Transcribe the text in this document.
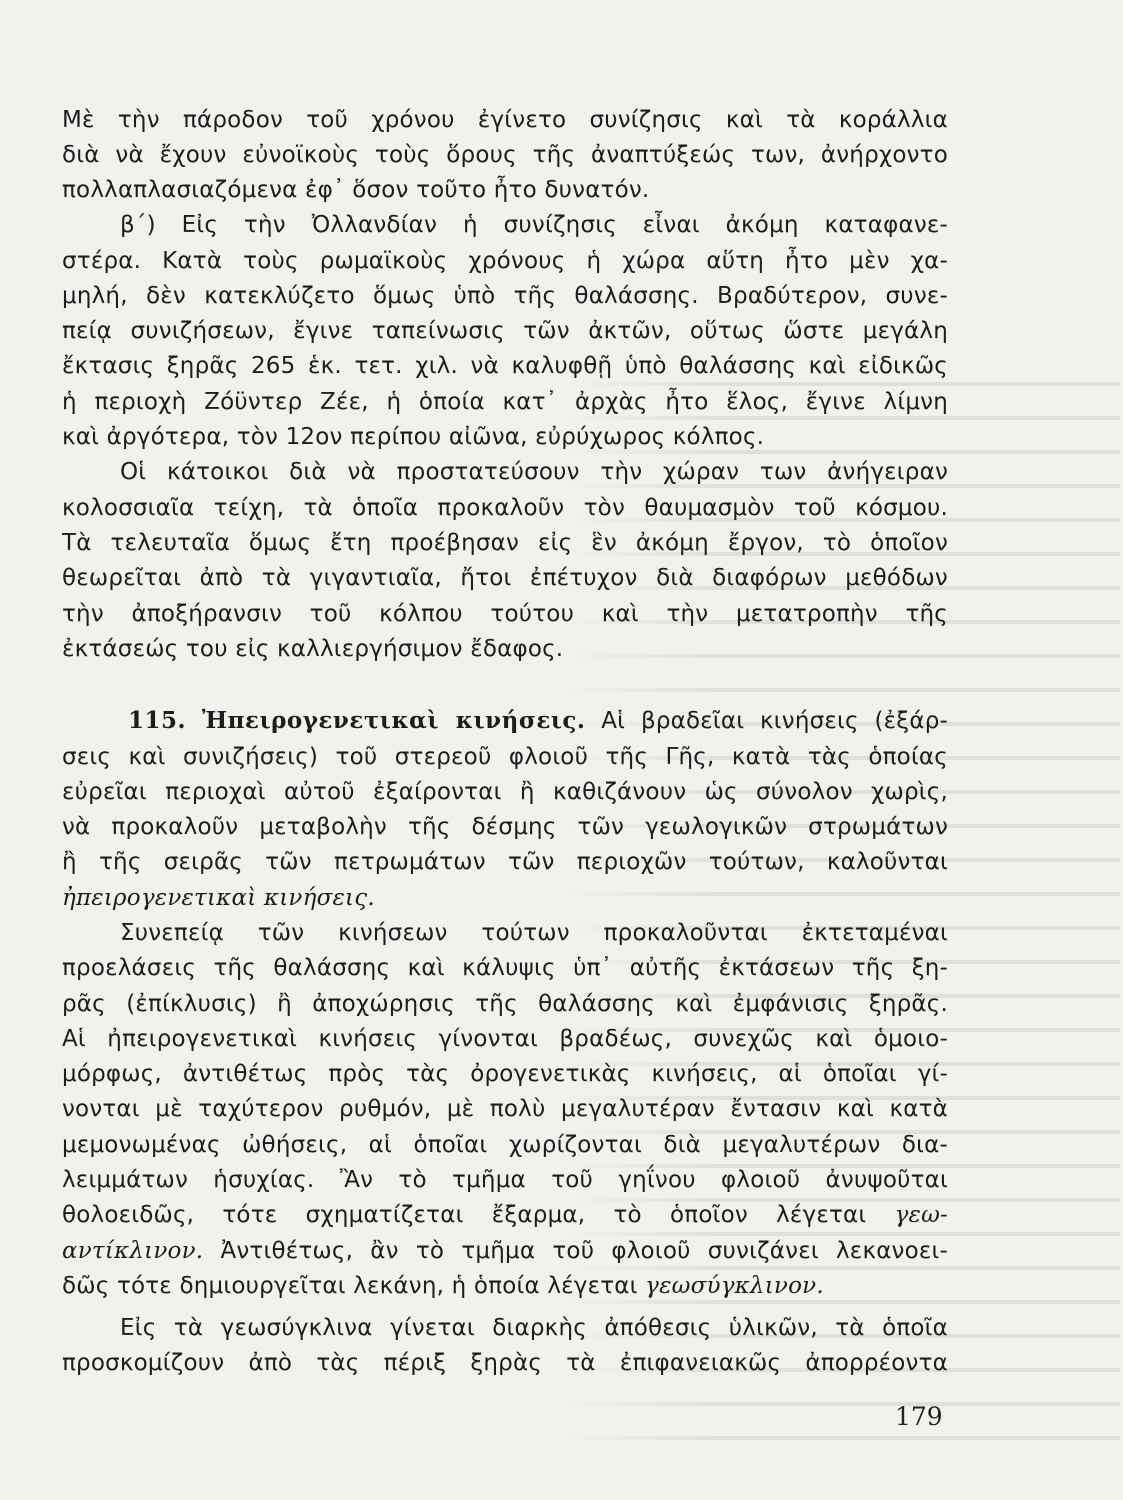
Μὲ τὴν πάροδον τοῦ χρόνου ἐγίνετο συνίζησις καὶ τὰ κοράλλια
διὰ νὰ ἔχουν εὐνοϊκοὺς τοὺς ὅρους τῆς ἀναπτύξεώς των, ἀνήρχοντο
πολλαπλασιαζόμενα ἐφ᾽ ὅσον τοῦτο ἦτο δυνατόν.
β΄) Εἰς τὴν Ὀλλανδίαν ἡ συνίζησις εἶναι ἀκόμη καταφανε-
στέρα. Κατὰ τοὺς ρωμαϊκοὺς χρόνους ἡ χώρα αὕτη ἦτο μὲν χα-
μηλή, δὲν κατεκλύζετο ὅμως ὑπὸ τῆς θαλάσσης. Βραδύτερον, συνε-
πείᾳ συνιζήσεων, ἔγινε ταπείνωσις τῶν ἀκτῶν, οὕτως ὥστε μεγάλη
ἔκτασις ξηρᾶς 265 ἑκ. τετ. χιλ. νὰ καλυφθῇ ὑπὸ θαλάσσης καὶ εἰδικῶς
ἡ περιοχὴ Ζόϋντερ Ζέε, ἡ ὁποία κατ᾽ ἀρχὰς ἦτο ἕλος, ἔγινε λίμνη
καὶ ἀργότερα, τὸν 12ον περίπου αἰῶνα, εὐρύχωρος κόλπος.
Οἱ κάτοικοι διὰ νὰ προστατεύσουν τὴν χώραν των ἀνήγειραν
κολοσσιαῖα τείχη, τὰ ὁποῖα προκαλοῦν τὸν θαυμασμὸν τοῦ κόσμου.
Τὰ τελευταῖα ὅμως ἔτη προέβησαν εἰς ἓν ἀκόμη ἔργον, τὸ ὁποῖον
θεωρεῖται ἀπὸ τὰ γιγαντιαῖα, ἤτοι ἐπέτυχον διὰ διαφόρων μεθόδων
τὴν ἀποξήρανσιν τοῦ κόλπου τούτου καὶ τὴν μετατροπὴν τῆς
ἐκτάσεώς του εἰς καλλιεργήσιμον ἔδαφος.
115. Ἠπειρογενετικαὶ κινήσεις. Αἱ βραδεῖαι κινήσεις (ἐξάρ-
σεις καὶ συνιζήσεις) τοῦ στερεοῦ φλοιοῦ τῆς Γῆς, κατὰ τὰς ὁποίας
εὐρεῖαι περιοχαὶ αὐτοῦ ἐξαίρονται ἢ καθιζάνουν ὡς σύνολον χωρὶς,
νὰ προκαλοῦν μεταβολὴν τῆς δέσμης τῶν γεωλογικῶν στρωμάτων
ἢ τῆς σειρᾶς τῶν πετρωμάτων τῶν περιοχῶν τούτων, καλοῦνται
ἠπειρογενετικαὶ κινήσεις.
Συνεπείᾳ τῶν κινήσεων τούτων προκαλοῦνται ἐκτεταμέναι
προελάσεις τῆς θαλάσσης καὶ κάλυψις ὑπ᾽ αὐτῆς ἐκτάσεων τῆς ξη-
ρᾶς (ἐπίκλυσις) ἢ ἀποχώρησις τῆς θαλάσσης καὶ ἐμφάνισις ξηρᾶς.
Αἱ ἠπειρογενετικαὶ κινήσεις γίνονται βραδέως, συνεχῶς καὶ ὁμοιο-
μόρφως, ἀντιθέτως πρὸς τὰς ὀρογενετικὰς κινήσεις, αἱ ὁποῖαι γί-
νονται μὲ ταχύτερον ρυθμόν, μὲ πολὺ μεγαλυτέραν ἔντασιν καὶ κατὰ
μεμονωμένας ὠθήσεις, αἱ ὁποῖαι χωρίζονται διὰ μεγαλυτέρων δια-
λειμμάτων ἡσυχίας. Ἂν τὸ τμῆμα τοῦ γηΐνου φλοιοῦ ἀνυψοῦται
θολοειδῶς, τότε σχηματίζεται ἔξαρμα, τὸ ὁποῖον λέγεται γεω-
αντίκλινον. Ἀντιθέτως, ἂν τὸ τμῆμα τοῦ φλοιοῦ συνιζάνει λεκανοει-
δῶς τότε δημιουργεῖται λεκάνη, ἡ ὁποία λέγεται γεωσύγκλινον.
Εἰς τὰ γεωσύγκλινα γίνεται διαρκὴς ἀπόθεσις ὑλικῶν, τὰ ὁποῖα
προσκομίζουν ἀπὸ τὰς πέριξ ξηρὰς τὰ ἐπιφανειακῶς ἀπορρέοντα
179
